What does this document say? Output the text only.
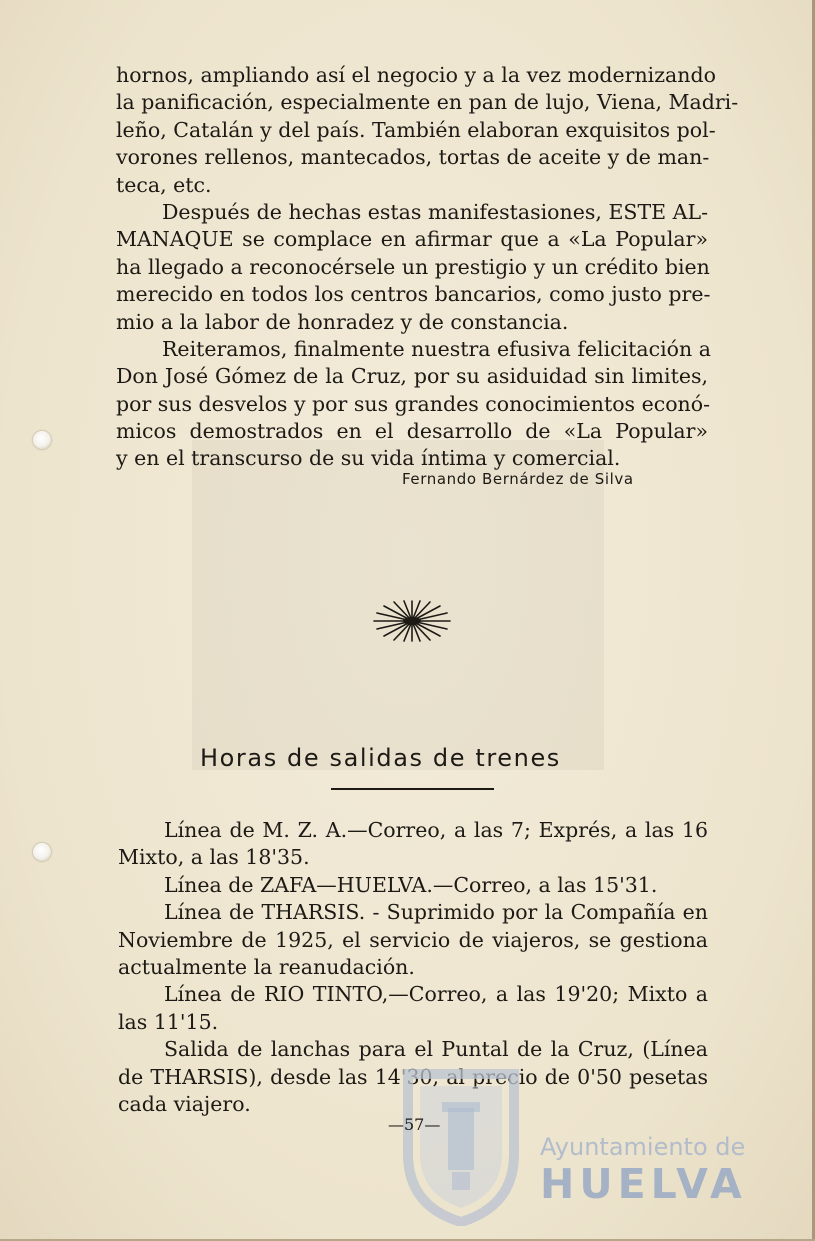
hornos, ampliando así el negocio y a la vez modernizando
la panificación, especialmente en pan de lujo, Viena, Madri-
leño, Catalán y del país. También elaboran exquisitos pol-
vorones rellenos, mantecados, tortas de aceite y de man-
teca, etc.
Después de hechas estas manifestasiones, ESTE AL-
MANAQUE se complace en afirmar que a «La Popular»
ha llegado a reconocérsele un prestigio y un crédito bien
merecido en todos los centros bancarios, como justo pre-
mio a la labor de honradez y de constancia.
Reiteramos, finalmente nuestra efusiva felicitación a
Don José Gómez de la Cruz, por su asiduidad sin limites,
por sus desvelos y por sus grandes conocimientos econó-
micos demostrados en el desarrollo de «La Popular»
y en el transcurso de su vida íntima y comercial.
Fernando Bernárdez de Silva
Horas de salidas de trenes
Línea de M. Z. A.—Correo, a las 7; Exprés, a las 16
Mixto, a las 18'35.
Línea de ZAFA—HUELVA.—Correo, a las 15'31.
Línea de THARSIS. - Suprimido por la Compañía en
Noviembre de 1925, el servicio de viajeros, se gestiona
actualmente la reanudación.
Línea de RIO TINTO,—Correo, a las 19'20; Mixto a
las 11'15.
Salida de lanchas para el Puntal de la Cruz, (Línea
de THARSIS), desde las 14'30, al precio de 0'50 pesetas
cada viajero.
Ayuntamiento de
HUELVA
—57—
